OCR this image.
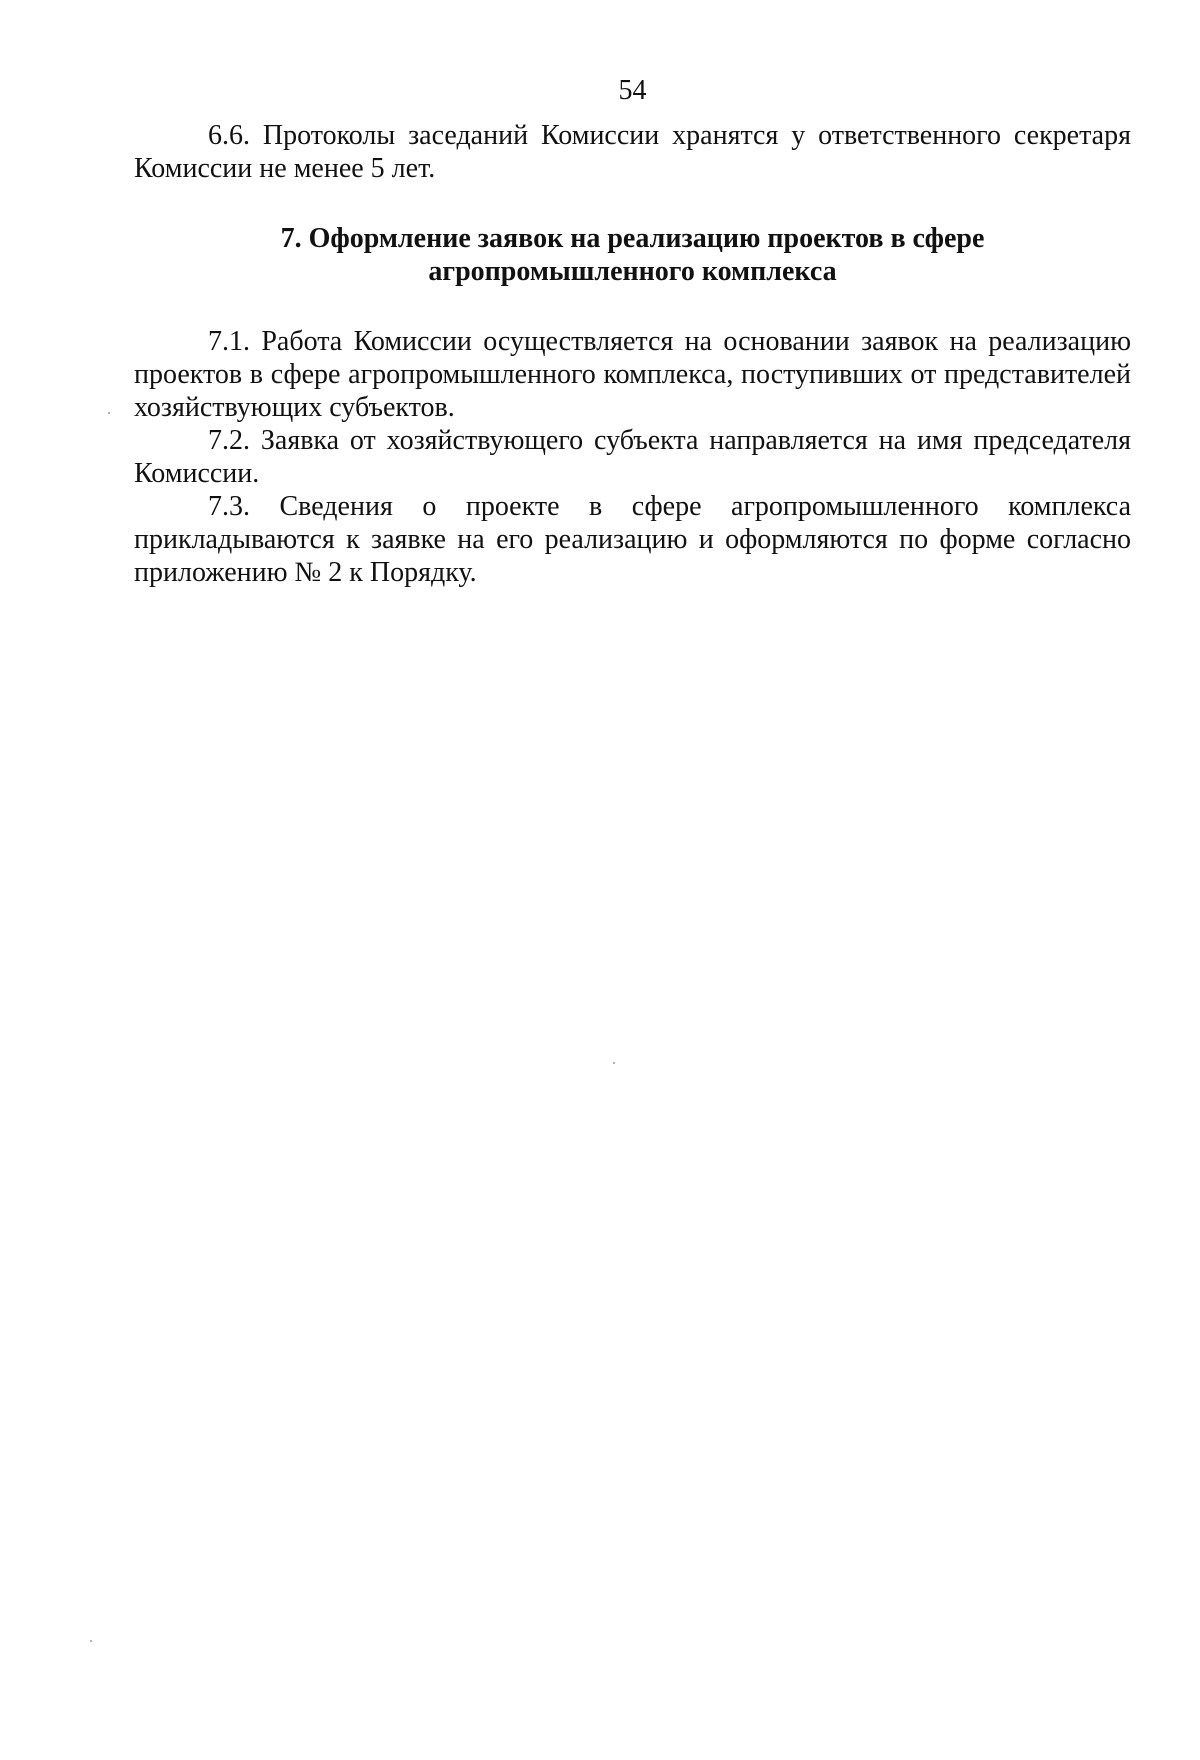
54

6.6. Протоколы заседаний Комиссии хранятся у ответственного секретаря Комиссии не менее 5 лет.

7. Оформление заявок на реализацию проектов в сфере
агропромышленного комплекса

7.1. Работа Комиссии осуществляется на основании заявок на реализацию проектов в сфере агропромышленного комплекса, поступивших от представителей хозяйствующих субъектов.

7.2. Заявка от хозяйствующего субъекта направляется на имя председателя Комиссии.

7.3. Сведения о проекте в сфере агропромышленного комплекса прикладываются к заявке на его реализацию и оформляются по форме согласно приложению № 2 к Порядку.
